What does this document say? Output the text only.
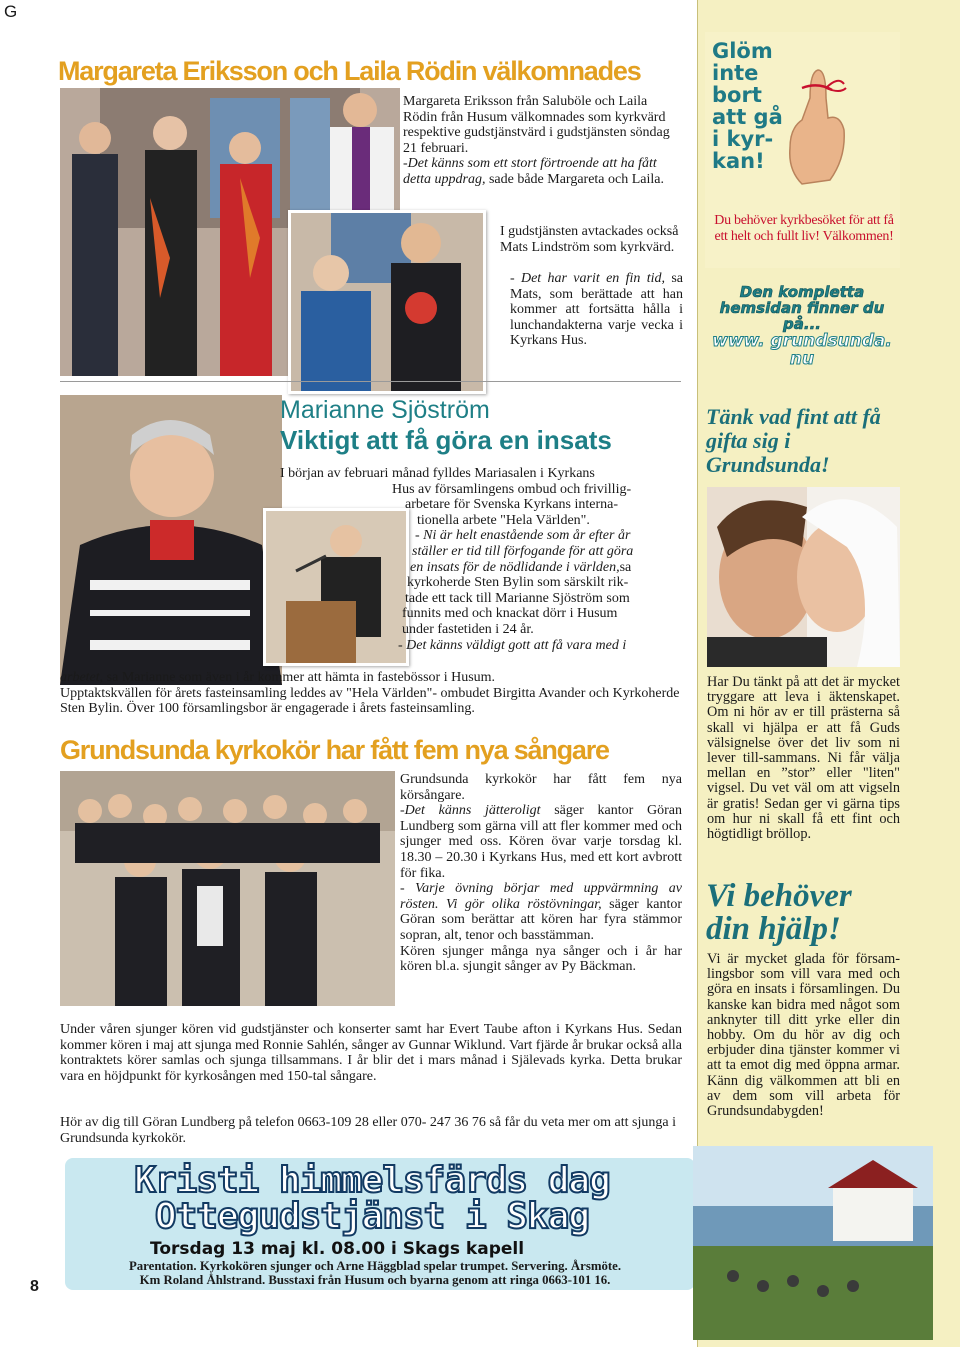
G
Glöm inte bort att gå i kyr- kan!
Du behöver kyrkbesöket för att få ett helt och fullt liv! Välkommen!
Den kompletta hemsidan finner du på...
www. grundsunda. nu
Tänk vad fint att få gifta sig i Grundsunda!
Har Du tänkt på att det är mycket tryggare att leva i äktenskapet. Om ni hör av er till prästerna så skall vi hjälpa er att få Guds välsignelse över det liv som ni lever till-sammans. Ni får välja mellan en ”stor” eller "liten" vigsel. Du vet väl om att vigseln är gratis! Sedan ger vi gärna tips om hur ni skall få ett fint och högtidligt bröllop.
Vi behöver din hjälp!
Vi är mycket glada för försam-lingsbor som vill vara med och göra en insats i församlingen. Du kanske kan bidra med något som anknyter till ditt yrke eller din hobby. Om du hör av dig och erbjuder dina tjänster kommer vi att ta emot dig med öppna armar. Känn dig välkommen att bli en av dem som vill arbeta för Grundsundabygden!
Margareta Eriksson och Laila Rödin välkomnades
Margareta Eriksson från Saluböle och Laila Rödin från Husum välkomnades som kyrkvärd respektive gudstjänstvärd i gudstjänsten söndag 21 februari.
-Det känns som ett stort förtroende att ha fått detta uppdrag, sade både Margareta och Laila.
I gudstjänsten avtackades också Mats Lindström som kyrkvärd.
- Det har varit en fin tid, sa Mats, som berättade att han kommer att fortsätta hålla i lunchandakterna varje vecka i Kyrkans Hus.
Marianne Sjöström
Viktigt att få göra en insats
I början av februari månad fylldes Mariasalen i Kyrkans
Hus av församlingens ombud och frivillig-
arbetare för Svenska Kyrkans interna-
tionella arbete "Hela Världen".
- Ni är helt enastående som år efter år
ställer er tid till förfogande för att göra
en insats för de nödlidande i världen,sa
kyrkoherde Sten Bylin som särskilt rik-
tade ett tack till Marianne Sjöström som
funnits med och knackat dörr i Husum
under fastetiden i 24 år.
- Det känns väldigt gott att få vara med i
arbetet, sa Marianne som även i år kommer att hämta in fastebössor i Husum.
Upptaktskvällen för årets fasteinsamling leddes av "Hela Världen"- ombudet Birgitta Avander och Kyrkoherde Sten Bylin. Över 100 församlingsbor är engagerade i årets fasteinsamling.
Grundsunda kyrkokör har fått fem nya sångare
Grundsunda kyrkokör har fått fem nya körsångare.
-Det känns jätteroligt säger kantor Göran Lundberg som gärna vill att fler kommer med och sjunger med oss. Kören övar varje torsdag kl. 18.30 – 20.30 i Kyrkans Hus, med ett kort avbrott för fika.
- Varje övning börjar med uppvärmning av rösten. Vi gör olika röstövningar, säger kantor Göran som berättar att kören har fyra stämmor sopran, alt, tenor och basstämman.
Kören sjunger många nya sånger och i år har kören bl.a. sjungit sånger av Py Bäckman.
Under våren sjunger kören vid gudstjänster och konserter samt har Evert Taube afton i Kyrkans Hus. Sedan kommer kören i maj att sjunga med Ronnie Sahlén, sånger av Gunnar Wiklund. Vart fjärde år brukar också alla kontraktets körer samlas och sjunga tillsammans. I år blir det i mars månad i Själevads kyrka. Detta brukar vara en höjdpunkt för kyrkosången med 150-tal sångare.
Hör av dig till Göran Lundberg på telefon 0663-109 28 eller 070- 247 36 76 så får du veta mer om att sjunga i Grundsunda kyrkokör.
Kristi himmelsfärds dag
Ottegudstjänst i Skag
Torsdag 13 maj kl. 08.00 i Skags kapell
Parentation. Kyrkokören sjunger och Arne Häggblad spelar trumpet. Servering. Årsmöte.
Km Roland Åhlstrand. Busstaxi från Husum och byarna genom att ringa 0663-101 16.
8
